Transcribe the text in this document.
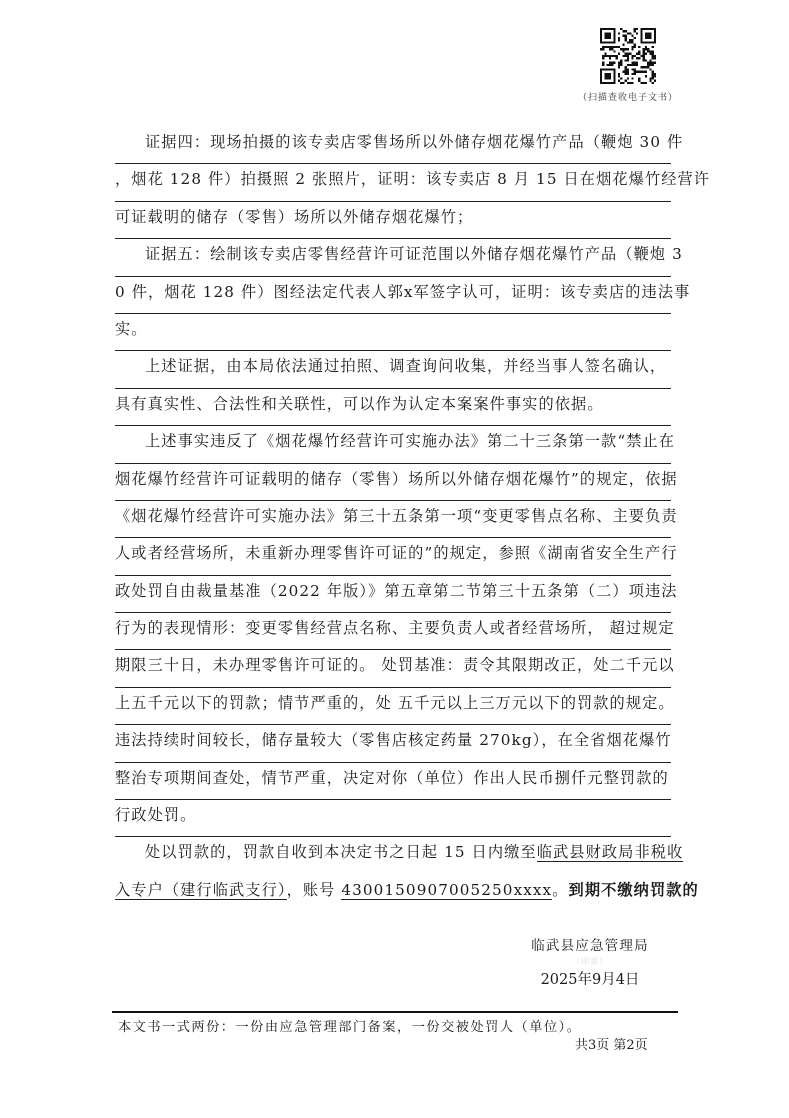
（扫描查收电子文书）
证据四：现场拍摄的该专卖店零售场所以外储存烟花爆竹产品（鞭炮 30 件
，烟花 128 件）拍摄照 2 张照片，证明：该专卖店 8 月 15 日在烟花爆竹经营许
可证载明的储存（零售）场所以外储存烟花爆竹；
证据五：绘制该专卖店零售经营许可证范围以外储存烟花爆竹产品（鞭炮 3
0 件，烟花 128 件）图经法定代表人郭x军签字认可，证明：该专卖店的违法事
实。
上述证据，由本局依法通过拍照、调查询问收集，并经当事人签名确认，
具有真实性、合法性和关联性，可以作为认定本案案件事实的依据。
上述事实违反了《烟花爆竹经营许可实施办法》第二十三条第一款“禁止在
烟花爆竹经营许可证载明的储存（零售）场所以外储存烟花爆竹”的规定，依据
《烟花爆竹经营许可实施办法》第三十五条第一项“变更零售点名称、主要负责
人或者经营场所，未重新办理零售许可证的”的规定，参照《湖南省安全生产行
政处罚自由裁量基准（2022 年版）》第五章第二节第三十五条第（二）项违法
行为的表现情形：变更零售经营点名称、主要负责人或者经营场所， 超过规定
期限三十日，未办理零售许可证的。 处罚基准：责令其限期改正，处二千元以
上五千元以下的罚款；情节严重的，处 五千元以上三万元以下的罚款的规定。
违法持续时间较长，储存量较大（零售店核定药量 270kg），在全省烟花爆竹
整治专项期间查处，情节严重，决定对你（单位）作出人民币捌仟元整罚款的
行政处罚。
处以罚款的，罚款自收到本决定书之日起 15 日内缴至临武县财政局非税收
入专户（建行临武支行），账号 4300150907005250xxxx。到期不缴纳罚款的
临武县应急管理局
（印章）
2025年9月4日
本文书一式两份：一份由应急管理部门备案，一份交被处罚人（单位）。
共3页 第2页
